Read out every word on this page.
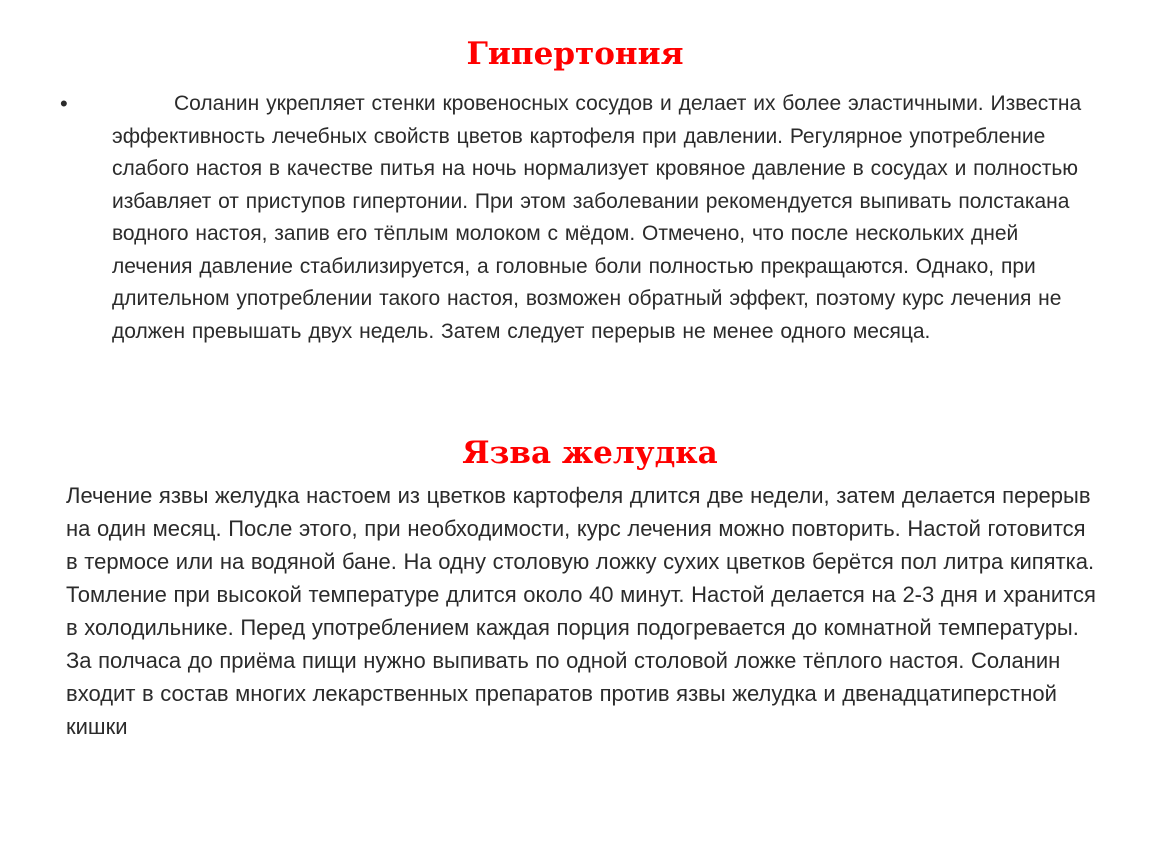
Гипертония
•	Соланин укрепляет стенки кровеносных сосудов и делает их более эластичными. Известна эффективность лечебных свойств цветов картофеля при давлении. Регулярное употребление слабого настоя в качестве питья на ночь нормализует кровяное давление в сосудах и полностью избавляет от приступов гипертонии. При этом заболевании рекомендуется выпивать полстакана водного настоя, запив его тёплым молоком с мёдом. Отмечено, что после нескольких дней лечения давление стабилизируется, а головные боли полностью прекращаются. Однако, при длительном употреблении такого настоя, возможен обратный эффект, поэтому курс лечения не должен превышать двух недель. Затем следует перерыв не менее одного месяца.

Язва желудка

Лечение язвы желудка настоем из цветков картофеля длится две недели, затем делается перерыв на один месяц. После этого, при необходимости, курс лечения можно повторить. Настой готовится в термосе или на водяной бане. На одну столовую ложку сухих цветков берётся пол литра кипятка. Томление при высокой температуре длится около 40 минут. Настой делается на 2-3 дня и хранится в холодильнике. Перед употреблением каждая порция подогревается до комнатной температуры. За полчаса до приёма пищи нужно выпивать по одной столовой ложке тёплого настоя. Соланин входит в состав многих лекарственных препаратов против язвы желудка и двенадцатиперстной кишки
